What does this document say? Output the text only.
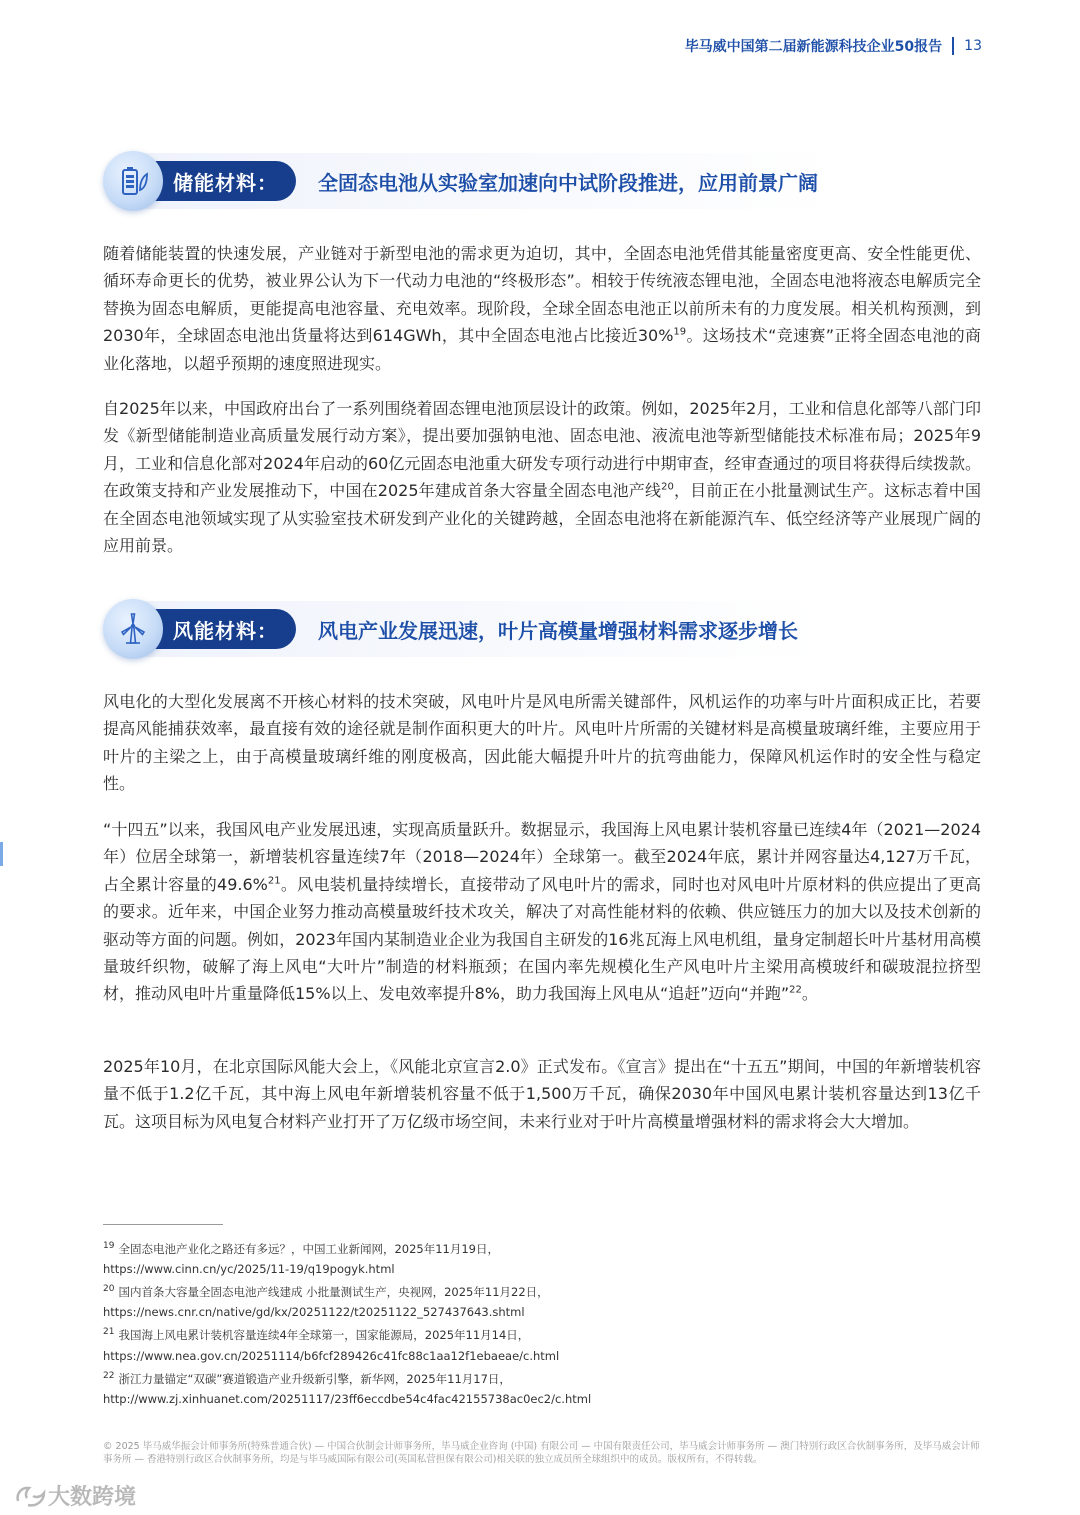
毕马威中国第二届新能源科技企业50报告 13
储能材料：	全固态电池从实验室加速向中试阶段推进，应用前景广阔

随着储能装置的快速发展，产业链对于新型电池的需求更为迫切，其中，全固态电池凭借其能量密度更高、安全性能更优、循环寿命更长的优势，被业界公认为下一代动力电池的“终极形态”。相较于传统液态锂电池，全固态电池将液态电解质完全替换为固态电解质，更能提高电池容量、充电效率。现阶段，全球全固态电池正以前所未有的力度发展。相关机构预测，到2030年，全球固态电池出货量将达到614GWh，其中全固态电池占比接近30%$^{19}$。这场技术“竞速赛”正将全固态电池的商业化落地，以超乎预期的速度照进现实。

自2025年以来，中国政府出台了一系列围绕着固态锂电池顶层设计的政策。例如，2025年2月，工业和信息化部等八部门印发《新型储能制造业高质量发展行动方案》，提出要加强钠电池、固态电池、液流电池等新型储能技术标准布局；2025年9月，工业和信息化部对2024年启动的60亿元固态电池重大研发专项行动进行中期审查，经审查通过的项目将获得后续拨款。在政策支持和产业发展推动下，中国在2025年建成首条大容量全固态电池产线$^{20}$，目前正在小批量测试生产。这标志着中国在全固态电池领域实现了从实验室技术研发到产业化的关键跨越，全固态电池将在新能源汽车、低空经济等产业展现广阔的应用前景。

风能材料：	风电产业发展迅速，叶片高模量增强材料需求逐步增长

风电化的大型化发展离不开核心材料的技术突破，风电叶片是风电所需关键部件，风机运作的功率与叶片面积成正比，若要提高风能捕获效率，最直接有效的途径就是制作面积更大的叶片。风电叶片所需的关键材料是高模量玻璃纤维，主要应用于叶片的主梁之上，由于高模量玻璃纤维的刚度极高，因此能大幅提升叶片的抗弯曲能力，保障风机运作时的安全性与稳定性。

“十四五”以来，我国风电产业发展迅速，实现高质量跃升。数据显示，我国海上风电累计装机容量已连续4年（2021—2024年）位居全球第一，新增装机容量连续7年（2018—2024年）全球第一。截至2024年底，累计并网容量达4,127万千瓦，占全累计容量的49.6%$^{21}$。风电装机量持续增长，直接带动了风电叶片的需求，同时也对风电叶片原材料的供应提出了更高的要求。近年来，中国企业努力推动高模量玻纤技术攻关，解决了对高性能材料的依赖、供应链压力的加大以及技术创新的驱动等方面的问题。例如，2023年国内某制造业企业为我国自主研发的16兆瓦海上风电机组，量身定制超长叶片基材用高模量玻纤织物，破解了海上风电“大叶片”制造的材料瓶颈；在国内率先规模化生产风电叶片主梁用高模玻纤和碳玻混拉挤型材，推动风电叶片重量降低15%以上、发电效率提升8%，助力我国海上风电从“追赶”迈向“并跑”$^{22}$。

2025年10月，在北京国际风能大会上，《风能北京宣言2.0》正式发布。《宣言》提出在“十五五”期间，中国的年新增装机容量不低于1.2亿千瓦，其中海上风电年新增装机容量不低于1,500万千瓦，确保2030年中国风电累计装机容量达到13亿千瓦。这项目标为风电复合材料产业打开了万亿级市场空间，未来行业对于叶片高模量增强材料的需求将会大大增加。

$^{19}$ 全固态电池产业化之路还有多远？，中国工业新闻网，2025年11月19日，
https://www.cinn.cn/yc/2025/11-19/q19pogyk.html
$^{20}$ 国内首条大容量全固态电池产线建成 小批量测试生产，央视网，2025年11月22日，
https://news.cnr.cn/native/gd/kx/20251122/t20251122_527437643.shtml
$^{21}$ 我国海上风电累计装机容量连续4年全球第一，国家能源局，2025年11月14日，
https://www.nea.gov.cn/20251114/b6fcf289426c41fc88c1aa12f1ebaeae/c.html
$^{22}$ 浙江力量锚定“双碳”赛道锻造产业升级新引擎，新华网，2025年11月17日，
http://www.zj.xinhuanet.com/20251117/23ff6eccdbe54c4fac42155738ac0ec2/c.html
© 2025 毕马威华振会计师事务所(特殊普通合伙) — 中国合伙制会计师事务所，毕马威企业咨询 (中国) 有限公司 — 中国有限责任公司，毕马威会计师事务所 — 澳门特别行政区合伙制事务所，及毕马威会计师事务所 — 香港特别行政区合伙制事务所，均是与毕马威国际有限公司(英国私营担保有限公司)相关联的独立成员所全球组织中的成员。版权所有，不得转载。
大数跨境
